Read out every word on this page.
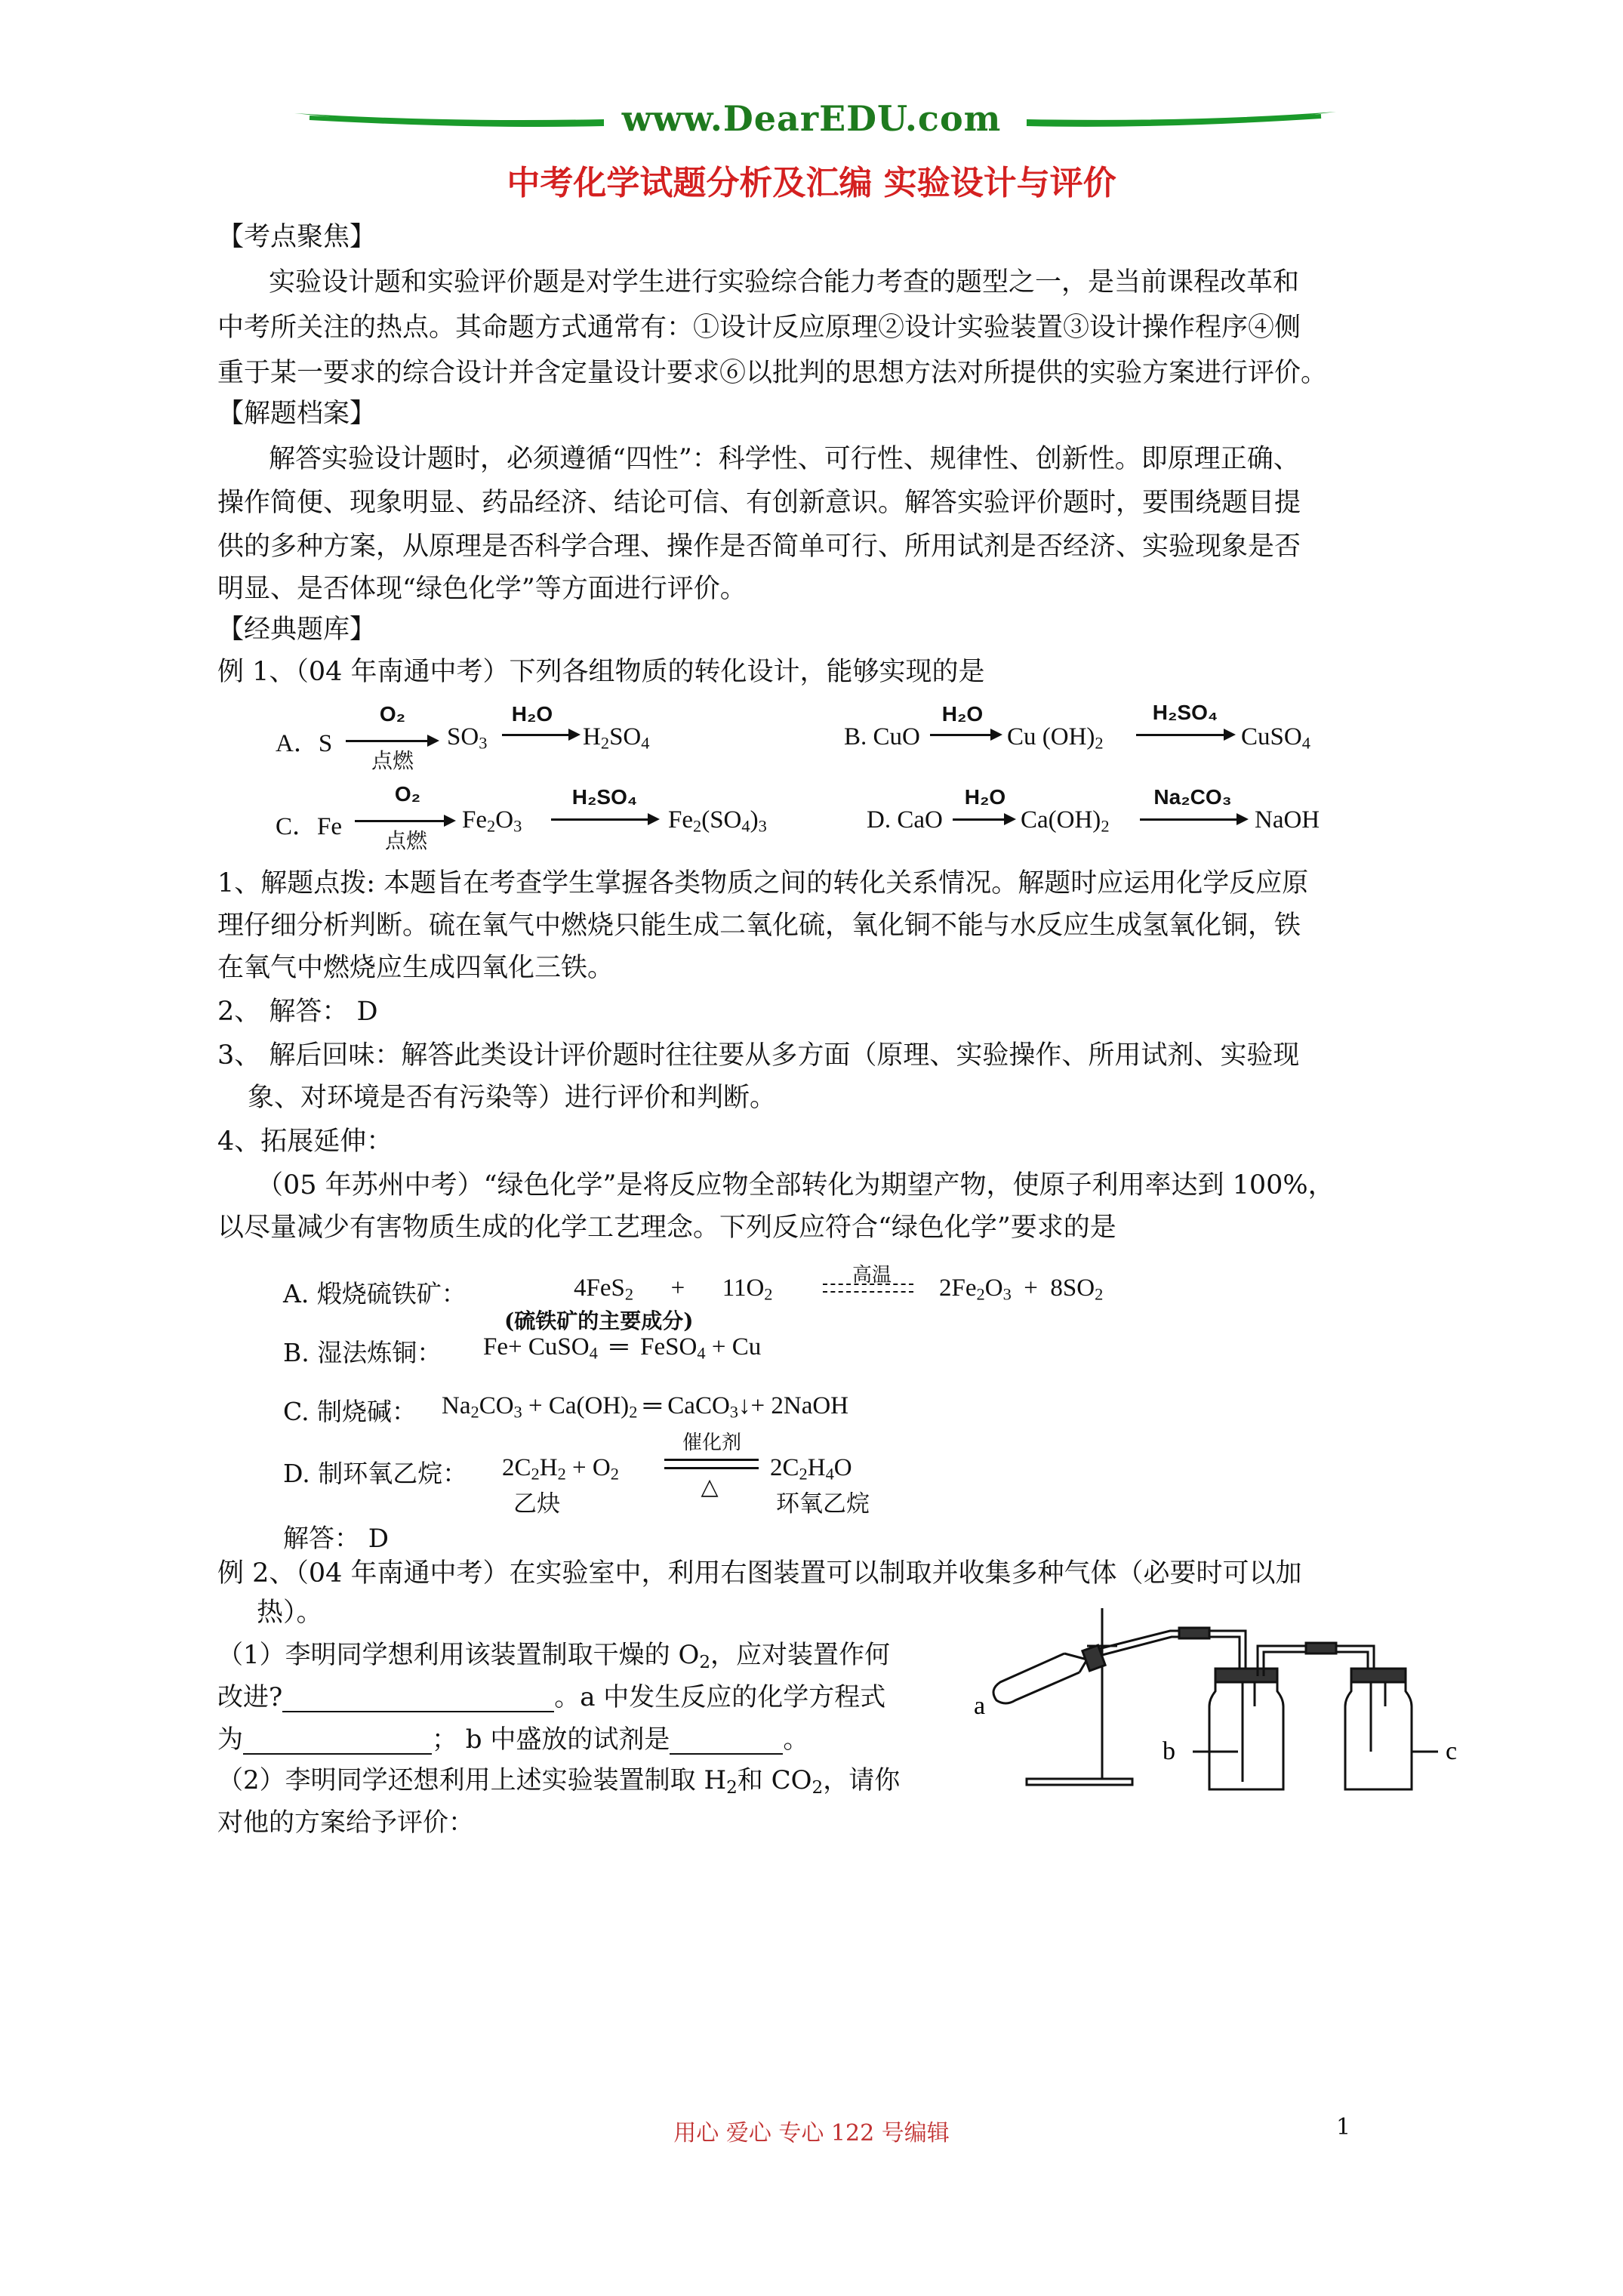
www.DearEDU.com
中考化学试题分析及汇编 实验设计与评价
【考点聚焦】
实验设计题和实验评价题是对学生进行实验综合能力考查的题型之一，是当前课程改革和
中考所关注的热点。其命题方式通常有：①设计反应原理②设计实验装置③设计操作程序④侧
重于某一要求的综合设计并含定量设计要求⑥以批判的思想方法对所提供的实验方案进行评价。
【解题档案】
解答实验设计题时，必须遵循“四性”：科学性、可行性、规律性、创新性。即原理正确、
操作简便、现象明显、药品经济、结论可信、有创新意识。解答实验评价题时，要围绕题目提
供的多种方案，从原理是否科学合理、操作是否简单可行、所用试剂是否经济、实验现象是否
明显、是否体现“绿色化学”等方面进行评价。
【经典题库】
例 1、（04 年南通中考）下列各组物质的转化设计，能够实现的是
A．S
O₂
点燃
$SO_3$
H₂O
$H_2SO_4$	B. CuO
H₂O
Cu $(OH)_2$
H₂SO₄
CuSO$_4$
C．Fe
O₂
点燃
$Fe_2O_3$
H₂SO₄
$Fe_2(SO_4)_3$	D. CaO
H₂O
$Ca(OH)_2$
Na₂CO₃
NaOH
1、解题点拨: 本题旨在考查学生掌握各类物质之间的转化关系情况。解题时应运用化学反应原
理仔细分析判断。硫在氧气中燃烧只能生成二氧化硫，氧化铜不能与水反应生成氢氧化铜，铁
在氧气中燃烧应生成四氧化三铁。
2、 解答： D
3、 解后回味：解答此类设计评价题时往往要从多方面（原理、实验操作、所用试剂、实验现
象、对环境是否有污染等）进行评价和判断。
4、拓展延伸：
（05 年苏州中考）“绿色化学”是将反应物全部转化为期望产物，使原子利用率达到 100%，
以尽量减少有害物质生成的化学工艺理念。下列反应符合“绿色化学”要求的是
A. 煅烧硫铁矿：	4FeS$_2$      +      $11O_2$
高温	$2Fe_2O_3 + 8SO_2$
(硫铁矿的主要成分)
B. 湿法炼铜： Fe+ CuSO$_4$  ═  FeSO$_4$ + Cu
C. 制烧碱： $Na_2CO_3 + Ca(OH)_2$ ═ CaCO$_3$↓+ 2NaOH
D. 制环氧乙烷： $2C_2H_2 + O_2$
催化剂
△
$2C_2H_4O$
乙炔	环氧乙烷
解答： D
例 2、（04 年南通中考）在实验室中，利用右图装置可以制取并收集多种气体（必要时可以加
热）。
（1）李明同学想利用该装置制取干燥的 $O_2$，应对装置作何
改进?	。a 中发生反应的化学方程式
为	； b 中盛放的试剂是	。
（2）李明同学还想利用上述实验装置制取 $H_2$和 $CO_2$，请你
对他的方案给予评价：
a
b	c
用心 爱心 专心 122 号编辑	1
